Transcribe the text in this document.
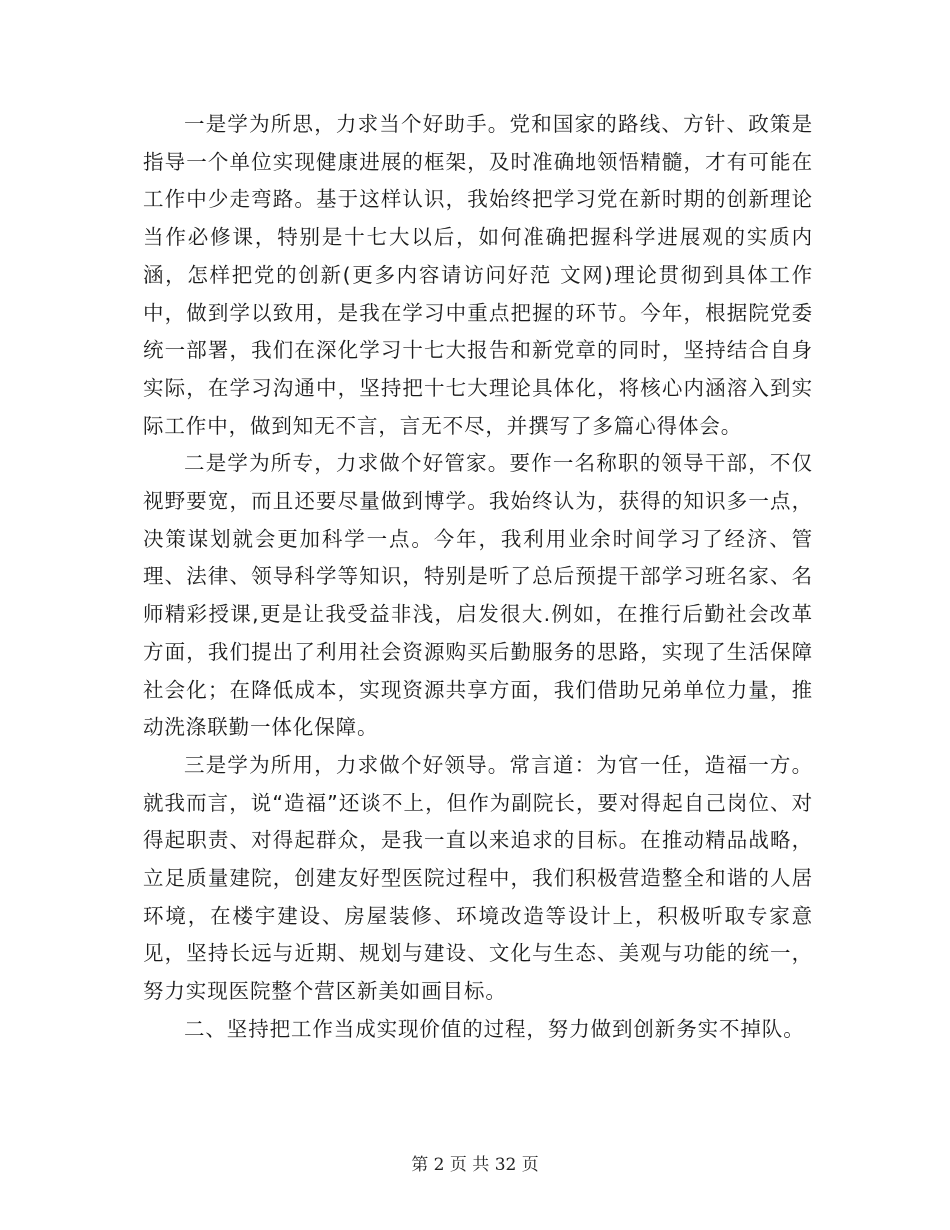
一是学为所思，力求当个好助手。党和国家的路线、方针、政策是指导一个单位实现健康进展的框架，及时准确地领悟精髓，才有可能在工作中少走弯路。基于这样认识，我始终把学习党在新时期的创新理论当作必修课，特别是十七大以后，如何准确把握科学进展观的实质内涵，怎样把党的创新(更多内容请访问好范 文网)理论贯彻到具体工作中，做到学以致用，是我在学习中重点把握的环节。今年，根据院党委统一部署，我们在深化学习十七大报告和新党章的同时，坚持结合自身实际，在学习沟通中，坚持把十七大理论具体化，将核心内涵溶入到实际工作中，做到知无不言，言无不尽，并撰写了多篇心得体会。

二是学为所专，力求做个好管家。要作一名称职的领导干部，不仅视野要宽，而且还要尽量做到博学。我始终认为，获得的知识多一点，决策谋划就会更加科学一点。今年，我利用业余时间学习了经济、管理、法律、领导科学等知识，特别是听了总后预提干部学习班名家、名师精彩授课,更是让我受益非浅，启发很大.例如，在推行后勤社会改革方面，我们提出了利用社会资源购买后勤服务的思路，实现了生活保障社会化；在降低成本，实现资源共享方面，我们借助兄弟单位力量，推动洗涤联勤一体化保障。

三是学为所用，力求做个好领导。常言道：为官一任，造福一方。就我而言，说“造福”还谈不上，但作为副院长，要对得起自己岗位、对得起职责、对得起群众，是我一直以来追求的目标。在推动精品战略，立足质量建院，创建友好型医院过程中，我们积极营造整全和谐的人居环境，在楼宇建设、房屋装修、环境改造等设计上，积极听取专家意见，坚持长远与近期、规划与建设、文化与生态、美观与功能的统一，努力实现医院整个营区新美如画目标。

二、坚持把工作当成实现价值的过程，努力做到创新务实不掉队。

第 2 页 共 32 页
